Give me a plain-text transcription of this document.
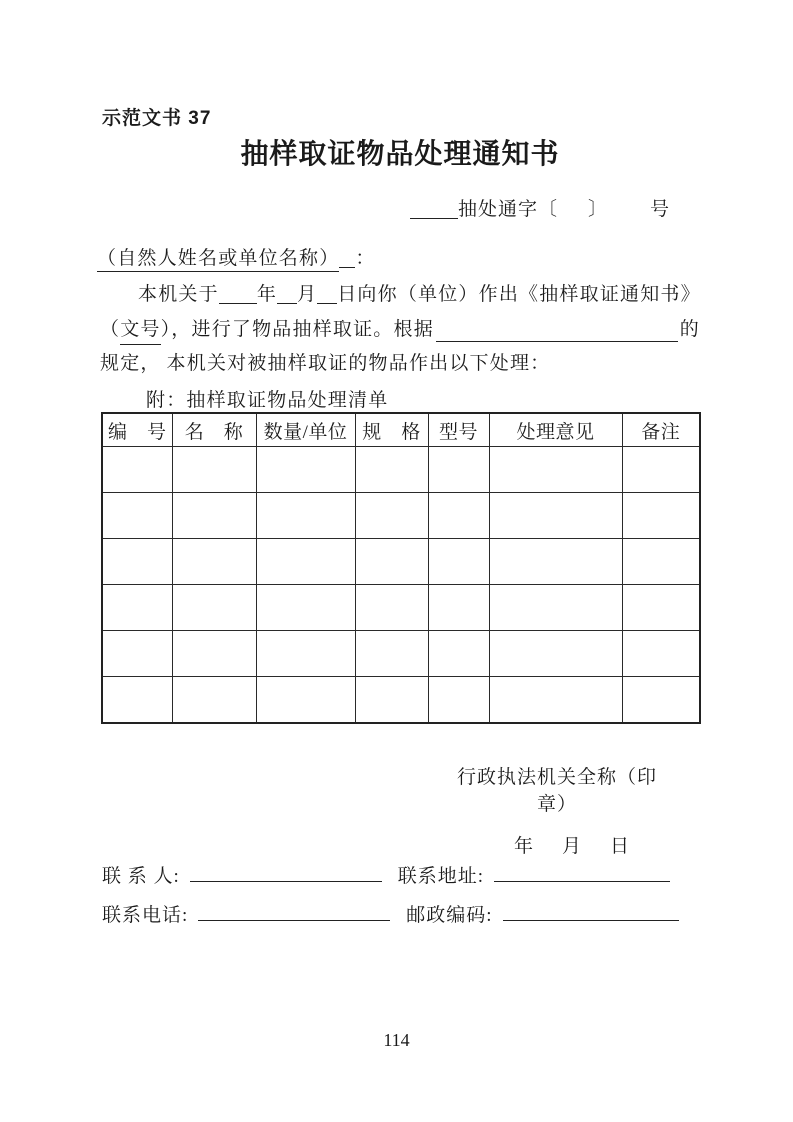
示范文书 37
抽样取证物品处理通知书
抽处通字〔 〕 号
（自然人姓名或单位名称） ：

本机关于 年 月 日向你（单位）作出《抽样取证通知书》

（ 文号 ），进行了物品抽样取证。根据	的

规定， 本机关对被抽样取证的物品作出以下处理：

附：抽样取证物品处理清单
编　号	名　称	数量/单位	规　格	型号	处理意见	备注

行政执法机关全称（印章）
年　月　日
联 系 人:	联系地址:
联系电话:	邮政编码:
114
